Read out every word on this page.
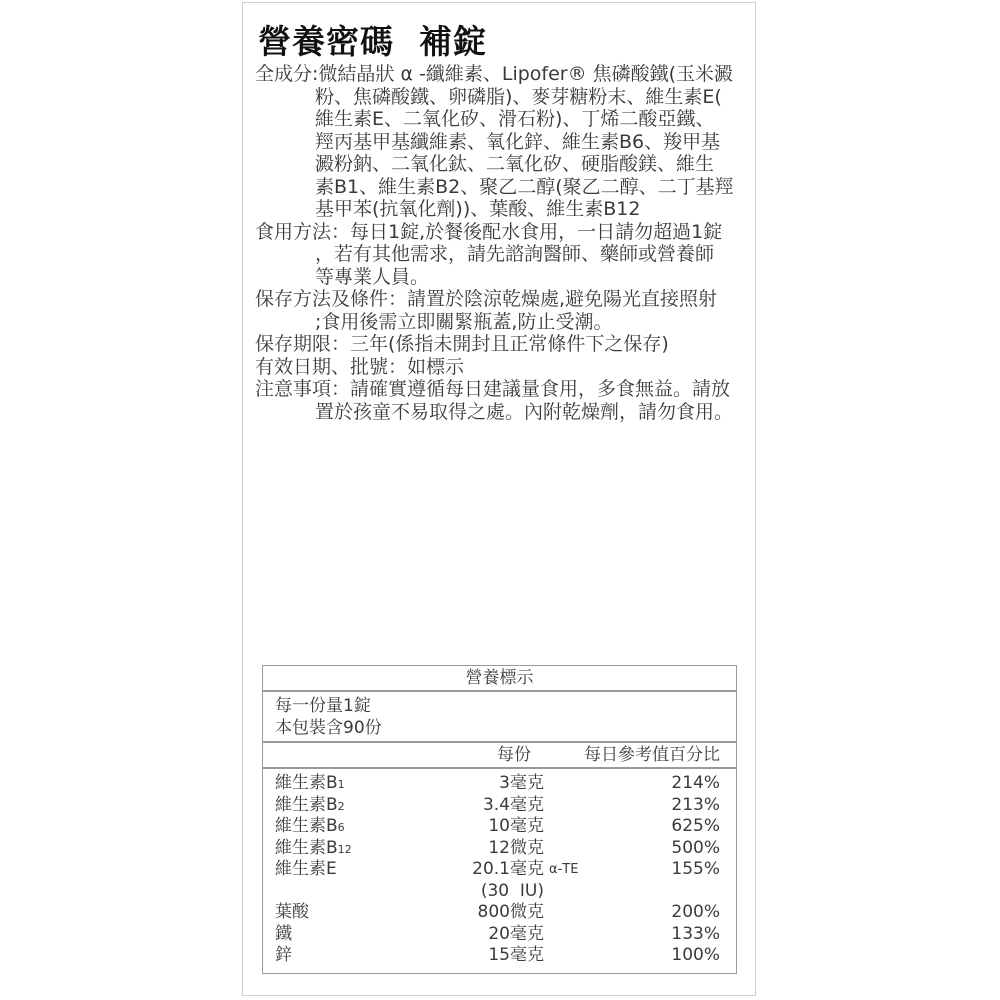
營養密碼  補錠
全成分:微結晶狀 α -纖維素、Lipofer® 焦磷酸鐵(玉米澱
粉、焦磷酸鐵、卵磷脂)、麥芽糖粉末、維生素E(
維生素E、二氧化矽、滑石粉)、丁烯二酸亞鐵、
羥丙基甲基纖維素、氧化鋅、維生素B6、羧甲基
澱粉鈉、二氧化鈦、二氧化矽、硬脂酸鎂、維生
素B1、維生素B2、聚乙二醇(聚乙二醇、二丁基羥
基甲苯(抗氧化劑))、葉酸、維生素B12
食用方法：每日1錠,於餐後配水食用，一日請勿超過1錠
，若有其他需求，請先諮詢醫師、藥師或營養師
等專業人員。
保存方法及條件：請置於陰涼乾燥處,避免陽光直接照射
;食用後需立即關緊瓶蓋,防止受潮。
保存期限：三年(係指未開封且正常條件下之保存)
有效日期、批號：如標示
注意事項：請確實遵循每日建議量食用，多食無益。請放
置於孩童不易取得之處。內附乾燥劑，請勿食用。
營養標示
每一份量1錠
本包裝含90份
每份	每日參考值百分比
維生素B1	3毫克	214%
維生素B2	3.4毫克	213%
維生素B6	10毫克	625%
維生素B12	12微克	500%
維生素E	20.1毫克 α-TE	155%
(30  IU)
葉酸	800微克	200%
鐵	20毫克	133%
鋅	15毫克	100%
